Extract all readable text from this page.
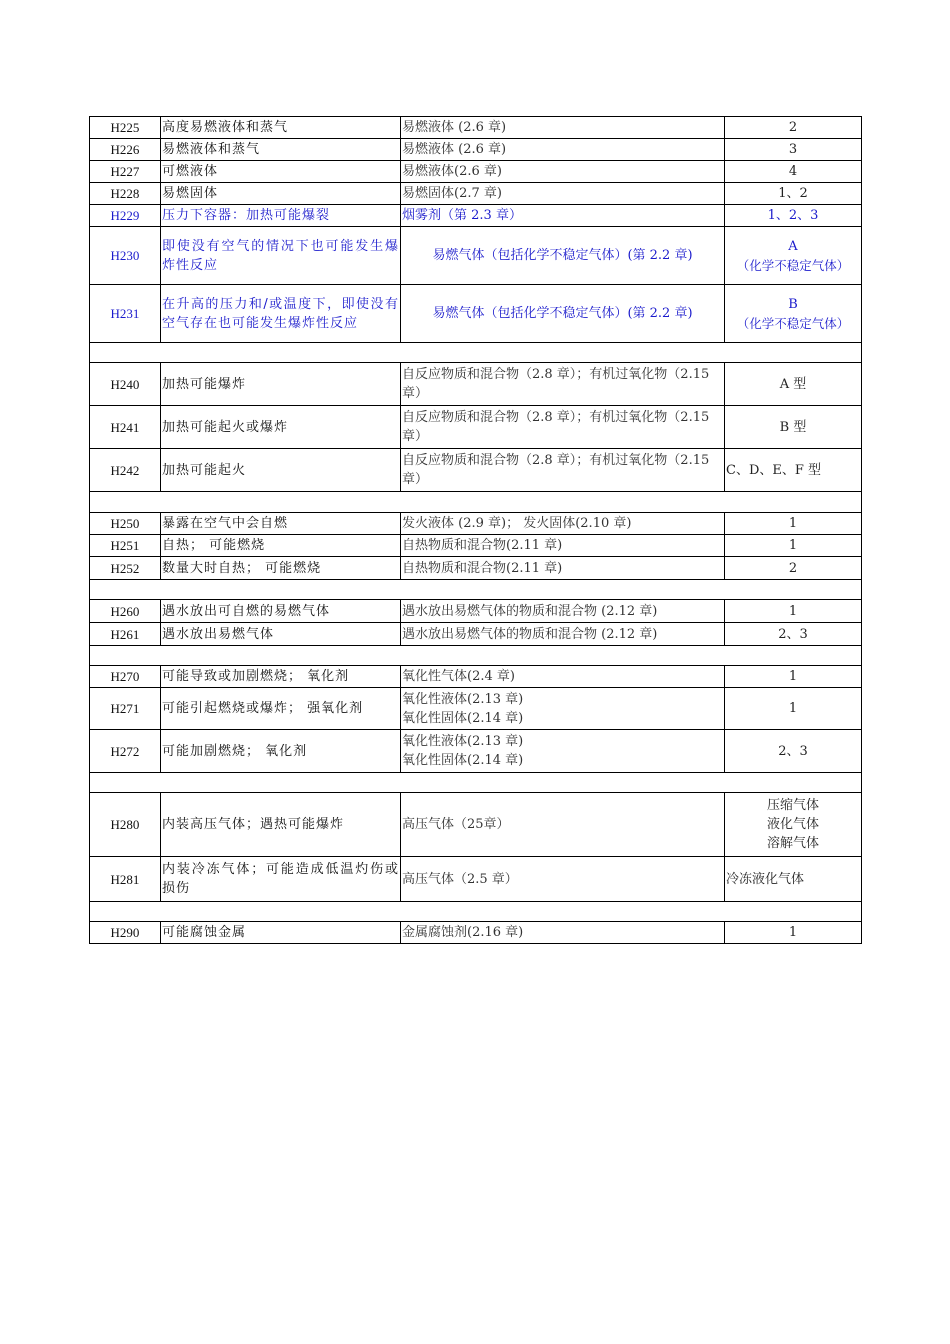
H225	高度易燃液体和蒸气	易燃液体 (2.6 章)	2
H226	易燃液体和蒸气	易燃液体 (2.6 章)	3
H227	可燃液体	易燃液体(2.6 章)	4
H228	易燃固体	易燃固体(2.7 章)	1、2
H229	压力下容器：加热可能爆裂	烟雾剂（第 2.3 章）	1、2、3
H230	即使没有空气的情况下也可能发生爆炸性反应	易燃气体（包括化学不稳定气体）(第 2.2 章)	A
（化学不稳定气体）

H231	在升高的压力和/或温度下，即使没有空气存在也可能发生爆炸性反应	易燃气体（包括化学不稳定气体）(第 2.2 章)	B
（化学不稳定气体）

H240	加热可能爆炸	自反应物质和混合物（2.8 章）；有机过氧化物（2.15 章）	A 型
H241	加热可能起火或爆炸	自反应物质和混合物（2.8 章）；有机过氧化物（2.15 章）	B 型
H242	加热可能起火	自反应物质和混合物（2.8 章）；有机过氧化物（2.15 章）	C、D、E、F 型

H250	暴露在空气中会自燃	发火液体 (2.9 章)； 发火固体(2.10 章)	1
H251	自热； 可能燃烧	自热物质和混合物(2.11 章)	1
H252	数量大时自热； 可能燃烧	自热物质和混合物(2.11 章)	2

H260	遇水放出可自燃的易燃气体	遇水放出易燃气体的物质和混合物 (2.12 章)	1
H261	遇水放出易燃气体	遇水放出易燃气体的物质和混合物 (2.12 章)	2、3

H270	可能导致或加剧燃烧； 氧化剂	氧化性气体(2.4 章)	1
H271	可能引起燃烧或爆炸； 强氧化剂	氧化性液体(2.13 章)
氧化性固体(2.14 章)	1
H272	可能加剧燃烧； 氧化剂	氧化性液体(2.13 章)
氧化性固体(2.14 章)	2、3

H280	内装高压气体；遇热可能爆炸	高压气体（25章）	压缩气体
液化气体
溶解气体

H281	内装冷冻气体；可能造成低温灼伤或损伤	高压气体（2.5 章）	冷冻液化气体

H290	可能腐蚀金属	金属腐蚀剂(2.16 章)	1
